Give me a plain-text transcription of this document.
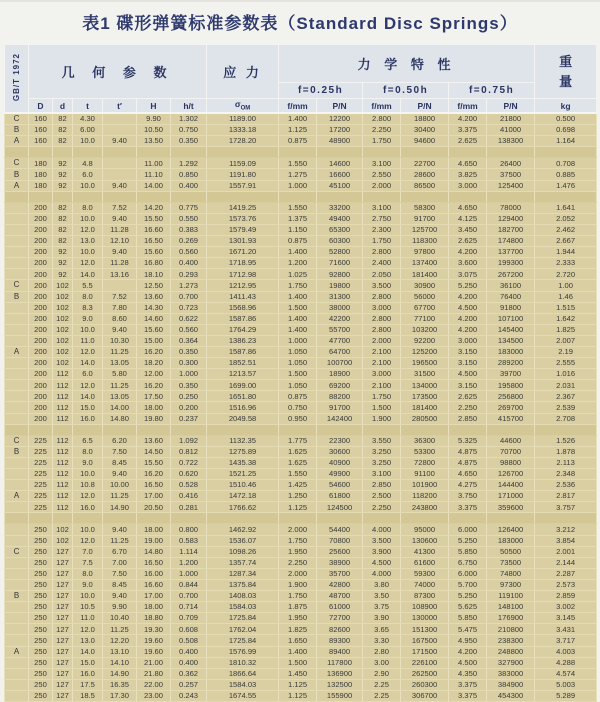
表1 碟形弹簧标准参数表（Standard Disc Springs）
GB/T 1972	几 何 参 数						应 力	力 学 特 性						重量
								f=0.25h		f=0.50h		f=0.75h		
	D	d	t	t′	H	h/t	$\sigma_{OM}$	f/mm	P/N	f/mm	P/N	f/mm	P/N	kg
C	160	82	4.30		9.90	1.302	1189.00	1.400	12200	2.800	18800	4.200	21800	0.500
B	160	82	6.00		10.50	0.750	1333.18	1.125	17200	2.250	30400	3.375	41000	0.698
A	160	82	10.0	9.40	13.50	0.350	1728.20	0.875	48900	1.750	94600	2.625	138300	1.164

C	180	92	4.8		11.00	1.292	1159.09	1.550	14600	3.100	22700	4.650	26400	0.708
B	180	92	6.0		11.10	0.850	1191.80	1.275	16600	2.550	28600	3.825	37500	0.885
A	180	92	10.0	9.40	14.00	0.400	1557.91	1.000	45100	2.000	86500	3.000	125400	1.476

	200	82	8.0	7.52	14.20	0.775	1419.25	1.550	33200	3.100	58300	4.650	78000	1.641
	200	82	10.0	9.40	15.50	0.550	1573.76	1.375	49400	2.750	91700	4.125	129400	2.052
	200	82	12.0	11.28	16.60	0.383	1579.49	1.150	65300	2.300	125700	3.450	182700	2.462
	200	82	13.0	12.10	16.50	0.269	1301.93	0.875	60300	1.750	118300	2.625	174800	2.667
	200	92	10.0	9.40	15.60	0.560	1671.20	1.400	52800	2.800	97800	4.200	137700	1.944
	200	92	12.0	11.28	16.80	0.400	1718.95	1.200	71600	2.400	137400	3.600	199300	2.333
	200	92	14.0	13.16	18.10	0.293	1712.98	1.025	92800	2.050	181400	3.075	267200	2.720
C	200	102	5.5		12.50	1.273	1212.95	1.750	19800	3.500	30900	5.250	36100	1.00
B	200	102	8.0	7.52	13.60	0.700	1411.43	1.400	31300	2.800	56000	4.200	76400	1.46
	200	102	8.3	7.80	14.30	0.723	1568.96	1.500	38000	3.000	67700	4.500	91800	1.515
	200	102	9.0	8.60	14.60	0.622	1587.86	1.400	42200	2.800	77100	4.200	107100	1.642
	200	102	10.0	9.40	15.60	0.560	1764.29	1.400	55700	2.800	103200	4.200	145400	1.825
	200	102	11.0	10.30	15.00	0.364	1386.23	1.000	47700	2.000	92200	3.000	134500	2.007
A	200	102	12.0	11.25	16.20	0.350	1587.86	1.050	64700	2.100	125200	3.150	183000	2.19
	200	102	14.0	13.05	18.20	0.300	1852.51	1.050	100700	2.100	196500	3.150	289200	2.555
	200	112	6.0	5.80	12.00	1.000	1213.57	1.500	18900	3.000	31500	4.500	39700	1.016
	200	112	12.0	11.25	16.20	0.350	1699.00	1.050	69200	2.100	134000	3.150	195800	2.031
	200	112	14.0	13.05	17.50	0.250	1651.80	0.875	88200	1.750	173500	2.625	256800	2.367
	200	112	15.0	14.00	18.00	0.200	1516.96	0.750	91700	1.500	181400	2.250	269700	2.539
	200	112	16.0	14.80	19.80	0.237	2049.58	0.950	142400	1.900	280500	2.850	415700	2.708

C	225	112	6.5	6.20	13.60	1.092	1132.35	1.775	22300	3.550	36300	5.325	44600	1.526
B	225	112	8.0	7.50	14.50	0.812	1275.89	1.625	30600	3.250	53300	4.875	70700	1.878
	225	112	9.0	8.45	15.50	0.722	1435.38	1.625	40900	3.250	72800	4.875	98800	2.113
	225	112	10.0	9.40	16.20	0.620	1521.25	1.550	49900	3.100	91100	4.650	126700	2.348
	225	112	10.8	10.00	16.50	0.528	1510.46	1.425	54600	2.850	101900	4.275	144400	2.536
A	225	112	12.0	11.25	17.00	0.416	1472.18	1.250	61800	2.500	118200	3.750	171000	2.817
	225	112	16.0	14.90	20.50	0.281	1766.62	1.125	124500	2.250	243800	3.375	359600	3.757

	250	102	10.0	9.40	18.00	0.800	1462.92	2.000	54400	4.000	95000	6.000	126400	3.212
	250	102	12.0	11.25	19.00	0.583	1536.07	1.750	70800	3.500	130600	5.250	183000	3.854
C	250	127	7.0	6.70	14.80	1.114	1098.26	1.950	25600	3.900	41300	5.850	50500	2.001
	250	127	7.5	7.00	16.50	1.200	1357.74	2.250	38900	4.500	61600	6.750	73500	2.144
	250	127	8.0	7.50	16.00	1.000	1287.34	2.000	35700	4.000	59300	6.000	74800	2.287
	250	127	9.0	8.45	16.60	0.844	1375.84	1.900	42800	3.80	74000	5.700	97300	2.573
B	250	127	10.0	9.40	17.00	0.700	1408.03	1.750	48700	3.50	87300	5.250	119100	2.859
	250	127	10.5	9.90	18.00	0.714	1584.03	1.875	61000	3.75	108900	5.625	148100	3.002
	250	127	11.0	10.40	18.80	0.709	1725.84	1.950	72700	3.90	130000	5.850	176900	3.145
	250	127	12.0	11.25	19.30	0.608	1762.04	1.825	82600	3.65	151300	5.475	210800	3.431
	250	127	13.0	12.20	19.60	0.508	1725.84	1.650	89300	3.30	167500	4.950	238300	3.717
A	250	127	14.0	13.10	19.60	0.400	1576.99	1.400	89400	2.80	171500	4.200	248800	4.003
	250	127	15.0	14.10	21.00	0.400	1810.32	1.500	117800	3.00	226100	4.500	327900	4.288
	250	127	16.0	14.90	21.80	0.362	1866.64	1.450	136900	2.90	262500	4.350	383000	4.574
	250	127	17.5	16.35	22.00	0.257	1584.03	1.125	132500	2.25	260300	3.375	384900	5.003
	250	127	18.5	17.30	23.00	0.243	1674.55	1.125	155900	2.25	306700	3.375	454300	5.289
